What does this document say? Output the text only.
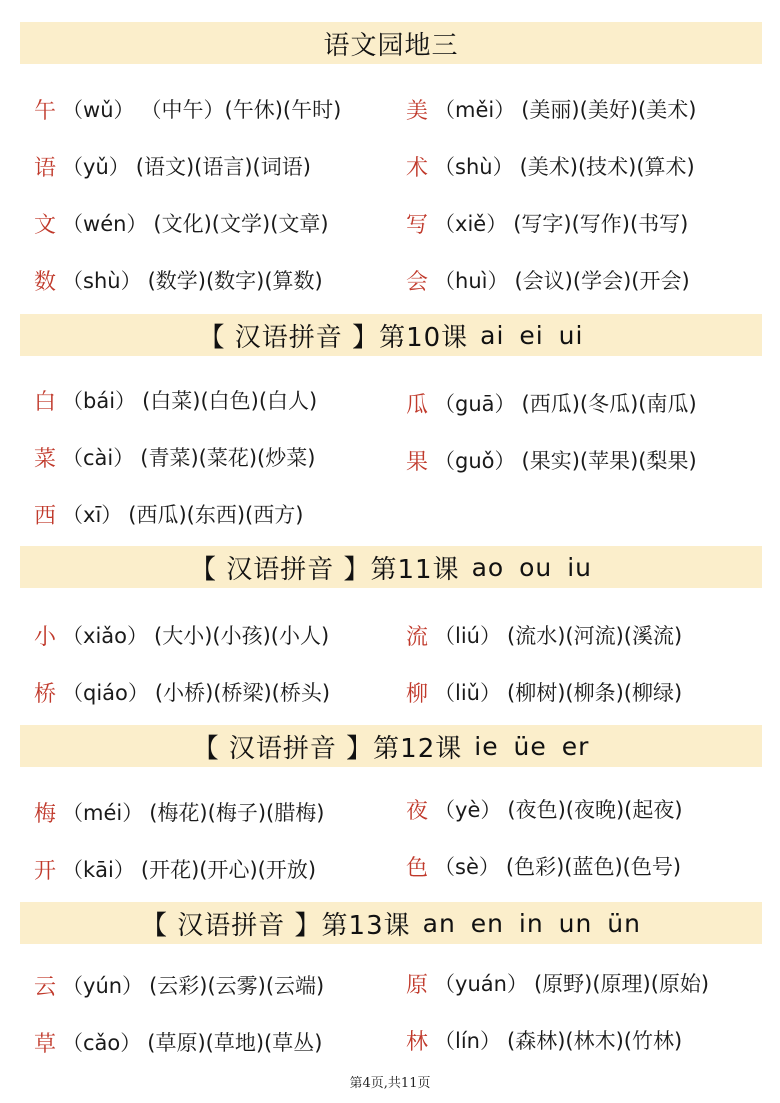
语文园地三
午 （wǔ） （中午）(午休)(午时)	美 （měi） (美丽)(美好)(美术)
语 （yǔ） (语文)(语言)(词语)	术 （shù） (美术)(技术)(算术)
文 （wén） (文化)(文学)(文章)	写 （xiě） (写字)(写作)(书写)
数 （shù） (数学)(数字)(算数)	会 （huì） (会议)(学会)(开会)
【 汉语拼音 】第10课 ai ei ui
白 （bái） (白菜)(白色)(白人)	瓜 （guā） (西瓜)(冬瓜)(南瓜)
菜 （cài） (青菜)(菜花)(炒菜)	果 （guǒ） (果实)(苹果)(梨果)
西 （xī） (西瓜)(东西)(西方)
【 汉语拼音 】第11课 ao ou iu
小 （xiǎo） (大小)(小孩)(小人)	流 （liú） (流水)(河流)(溪流)
桥 （qiáo） (小桥)(桥梁)(桥头)	柳 （liǔ） (柳树)(柳条)(柳绿)
【 汉语拼音 】第12课 ie üe er
梅 （méi） (梅花)(梅子)(腊梅)	夜 （yè） (夜色)(夜晚)(起夜)
开 （kāi） (开花)(开心)(开放)	色 （sè） (色彩)(蓝色)(色号)
【 汉语拼音 】第13课 an en in un ün
云 （yún） (云彩)(云雾)(云端)	原 （yuán） (原野)(原理)(原始)
草 （cǎo） (草原)(草地)(草丛)	林 （lín） (森林)(林木)(竹林)
第4页,共11页
